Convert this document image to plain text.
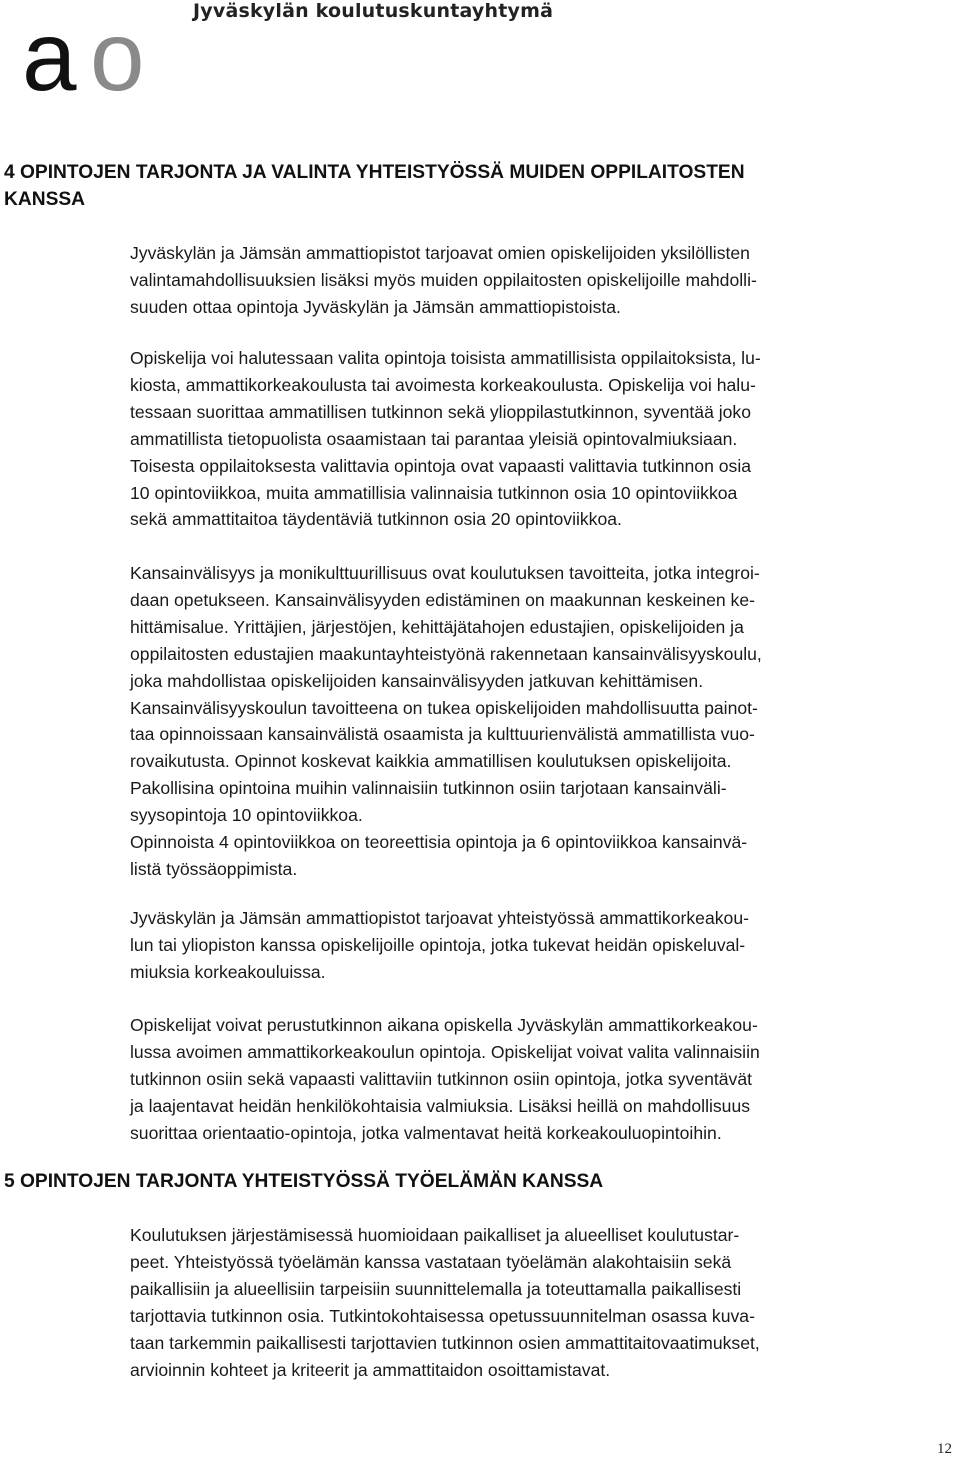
Jyväskylän koulutuskuntayhtymä
a o
4 OPINTOJEN TARJONTA JA VALINTA YHTEISTYÖSSÄ MUIDEN OPPILAITOSTEN
KANSSA
Jyväskylän ja Jämsän ammattiopistot tarjoavat omien opiskelijoiden yksilöllisten
valintamahdollisuuksien lisäksi myös muiden oppilaitosten opiskelijoille mahdolli-
suuden ottaa opintoja Jyväskylän ja Jämsän ammattiopistoista.
Opiskelija voi halutessaan valita opintoja toisista ammatillisista oppilaitoksista, lu-
kiosta, ammattikorkeakoulusta tai avoimesta korkeakoulusta. Opiskelija voi halu-
tessaan suorittaa ammatillisen tutkinnon sekä ylioppilastutkinnon, syventää joko
ammatillista tietopuolista osaamistaan tai parantaa yleisiä opintovalmiuksiaan.
Toisesta oppilaitoksesta valittavia opintoja ovat vapaasti valittavia tutkinnon osia
10 opintoviikkoa, muita ammatillisia valinnaisia tutkinnon osia 10 opintoviikkoa
sekä ammattitaitoa täydentäviä tutkinnon osia 20 opintoviikkoa.
Kansainvälisyys ja monikulttuurillisuus ovat koulutuksen tavoitteita, jotka integroi-
daan opetukseen. Kansainvälisyyden edistäminen on maakunnan keskeinen ke-
hittämisalue. Yrittäjien, järjestöjen, kehittäjätahojen edustajien, opiskelijoiden ja
oppilaitosten edustajien maakuntayhteistyönä rakennetaan kansainvälisyyskoulu,
joka mahdollistaa opiskelijoiden kansainvälisyyden jatkuvan kehittämisen.
Kansainvälisyyskoulun tavoitteena on tukea opiskelijoiden mahdollisuutta painot-
taa opinnoissaan kansainvälistä osaamista ja kulttuurienvälistä ammatillista vuo-
rovaikutusta. Opinnot koskevat kaikkia ammatillisen koulutuksen opiskelijoita.
Pakollisina opintoina muihin valinnaisiin tutkinnon osiin tarjotaan kansainväli-
syysopintoja 10 opintoviikkoa.
Opinnoista 4 opintoviikkoa on teoreettisia opintoja ja 6 opintoviikkoa kansainvä-
listä työssäoppimista.
Jyväskylän ja Jämsän ammattiopistot tarjoavat yhteistyössä ammattikorkeakou-
lun tai yliopiston kanssa opiskelijoille opintoja, jotka tukevat heidän opiskeluval-
miuksia korkeakouluissa.
Opiskelijat voivat perustutkinnon aikana opiskella Jyväskylän ammattikorkeakou-
lussa avoimen ammattikorkeakoulun opintoja. Opiskelijat voivat valita valinnaisiin
tutkinnon osiin sekä vapaasti valittaviin tutkinnon osiin opintoja, jotka syventävät
ja laajentavat heidän henkilökohtaisia valmiuksia. Lisäksi heillä on mahdollisuus
suorittaa orientaatio-opintoja, jotka valmentavat heitä korkeakouluopintoihin.
5 OPINTOJEN TARJONTA YHTEISTYÖSSÄ TYÖELÄMÄN KANSSA
Koulutuksen järjestämisessä huomioidaan paikalliset ja alueelliset koulutustar-
peet. Yhteistyössä työelämän kanssa vastataan työelämän alakohtaisiin sekä
paikallisiin ja alueellisiin tarpeisiin suunnittelemalla ja toteuttamalla paikallisesti
tarjottavia tutkinnon osia. Tutkintokohtaisessa opetussuunnitelman osassa kuva-
taan tarkemmin paikallisesti tarjottavien tutkinnon osien ammattitaitovaatimukset,
arvioinnin kohteet ja kriteerit ja ammattitaidon osoittamistavat.
12
